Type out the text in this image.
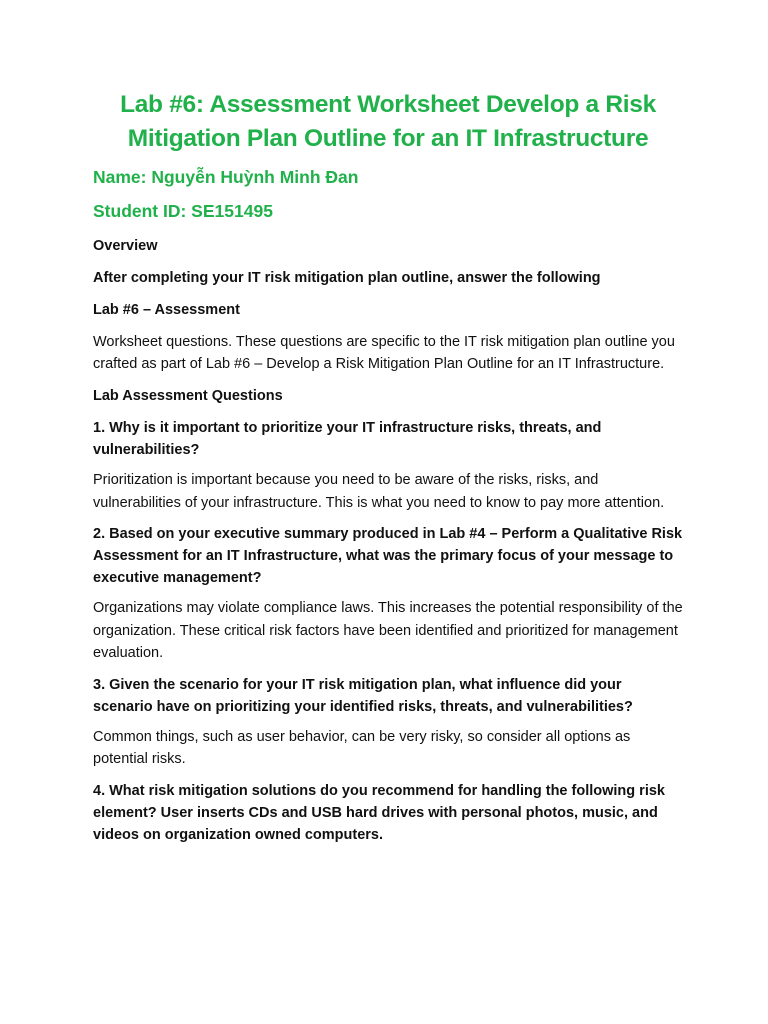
Lab #6: Assessment Worksheet Develop a Risk Mitigation Plan Outline for an IT Infrastructure

Name: Nguyễn Huỳnh Minh Đan

Student ID: SE151495

Overview

After completing your IT risk mitigation plan outline, answer the following

Lab #6 – Assessment

Worksheet questions. These questions are specific to the IT risk mitigation plan outline you crafted as part of Lab #6 – Develop a Risk Mitigation Plan Outline for an IT Infrastructure.

Lab Assessment Questions

1. Why is it important to prioritize your IT infrastructure risks, threats, and vulnerabilities?

Prioritization is important because you need to be aware of the risks, risks, and vulnerabilities of your infrastructure. This is what you need to know to pay more attention.

2. Based on your executive summary produced in Lab #4 – Perform a Qualitative Risk Assessment for an IT Infrastructure, what was the primary focus of your message to executive management?

Organizations may violate compliance laws. This increases the potential responsibility of the organization. These critical risk factors have been identified and prioritized for management evaluation.

3. Given the scenario for your IT risk mitigation plan, what influence did your scenario have on prioritizing your identified risks, threats, and vulnerabilities?

Common things, such as user behavior, can be very risky, so consider all options as potential risks.

4. What risk mitigation solutions do you recommend for handling the following risk element? User inserts CDs and USB hard drives with personal photos, music, and videos on organization owned computers.
